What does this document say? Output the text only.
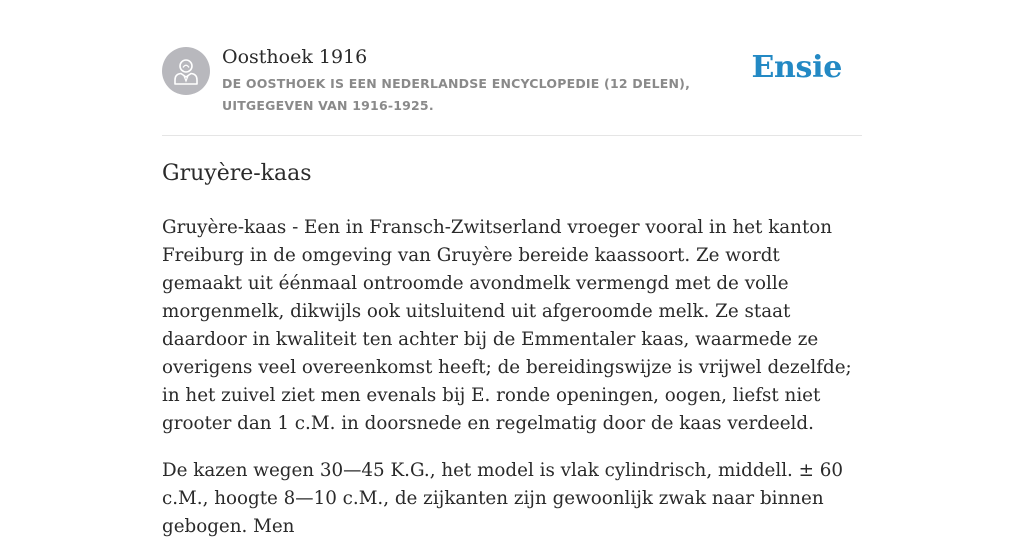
Oosthoek 1916
DE OOSTHOEK IS EEN NEDERLANDSE ENCYCLOPEDIE (12 DELEN), UITGEGEVEN VAN 1916-1925.
Ensie
Gruyère-kaas

Gruyère-kaas - Een in Fransch-Zwitserland vroeger vooral in het kanton Freiburg in de omgeving van Gruyère bereide kaassoort. Ze wordt gemaakt uit éénmaal ontroomde avondmelk vermengd met de volle morgenmelk, dikwijls ook uitsluitend uit afgeroomde melk. Ze staat daardoor in kwaliteit ten achter bij de Emmentaler kaas, waarmede ze overigens veel overeenkomst heeft; de bereidingswijze is vrijwel dezelfde; in het zuivel ziet men evenals bij E. ronde openingen, oogen, liefst niet grooter dan 1 c.M. in doorsnede en regelmatig door de kaas verdeeld.

De kazen wegen 30—45 K.G., het model is vlak cylindrisch, middell. ± 60 c.M., hoogte 8—10 c.M., de zijkanten zijn gewoonlijk zwak naar binnen gebogen. Men
